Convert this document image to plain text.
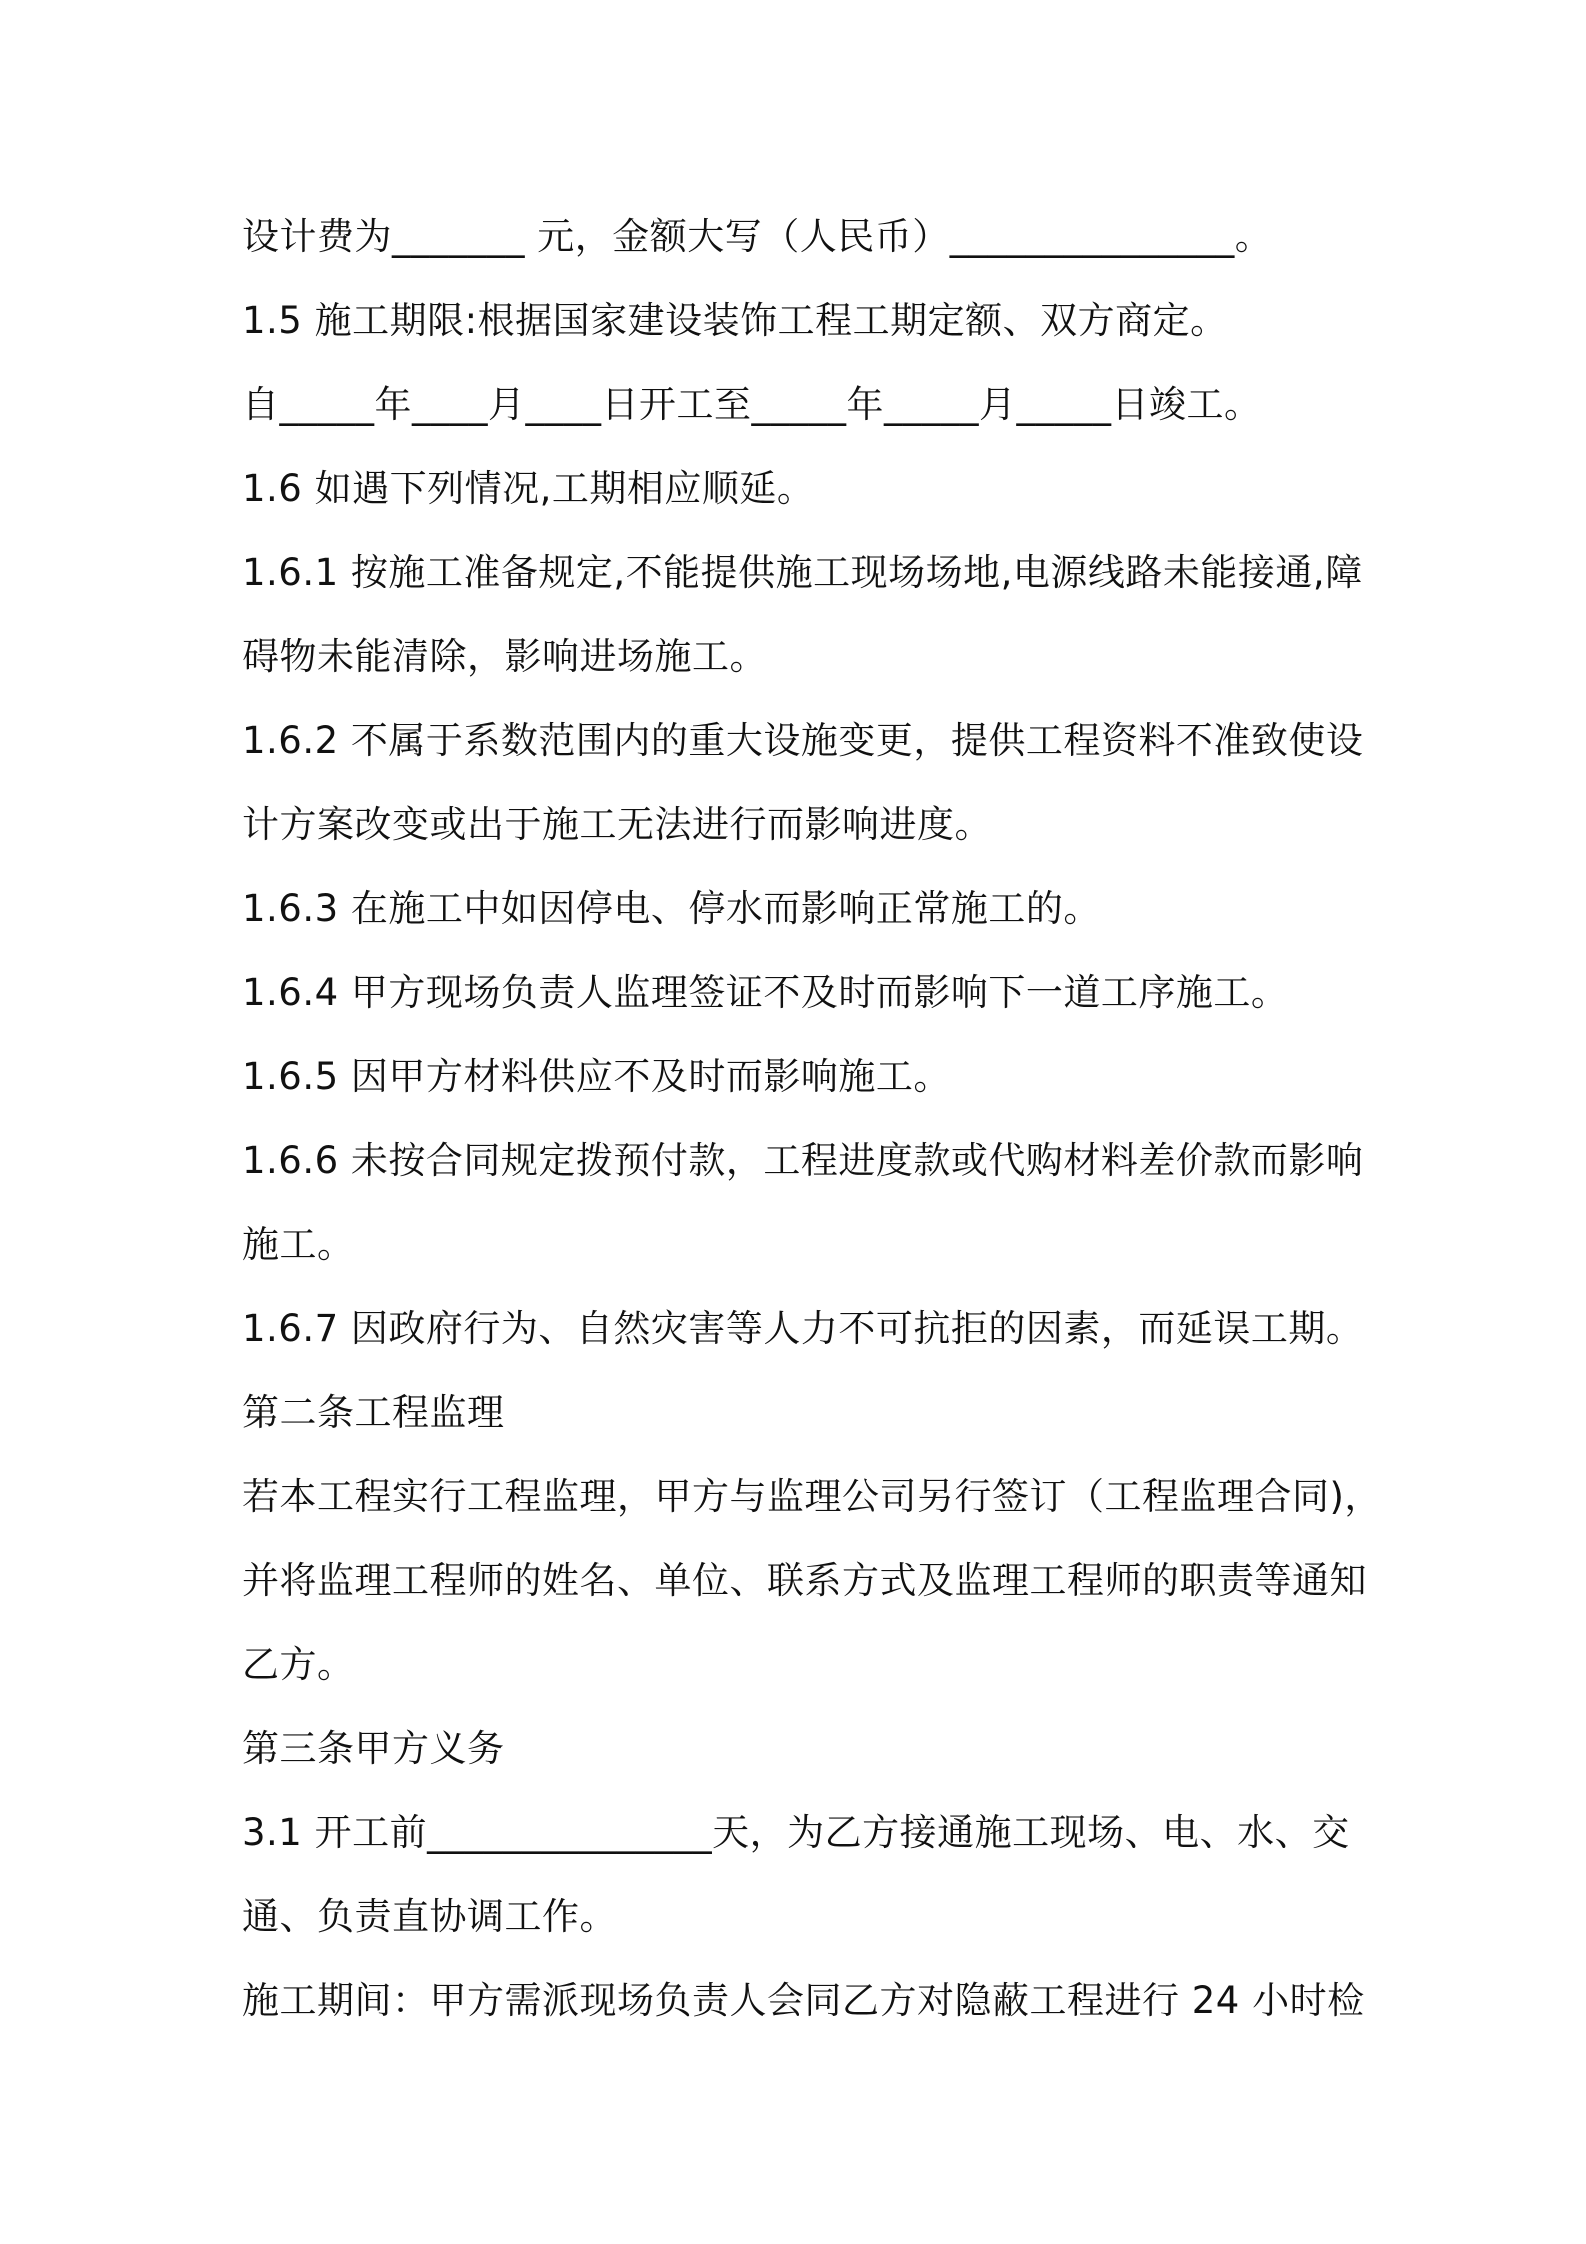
设计费为_______ 元，金额大写（人民币）_______________。
1.5 施工期限:根据国家建设装饰工程工期定额、双方商定。
自_____年____月____日开工至_____年_____月_____日竣工。
1.6 如遇下列情况,工期相应顺延。
1.6.1 按施工准备规定,不能提供施工现场场地,电源线路未能接通,障
碍物未能清除，影响进场施工。
1.6.2 不属于系数范围内的重大设施变更，提供工程资料不准致使设
计方案改变或出于施工无法进行而影响进度。
1.6.3 在施工中如因停电、停水而影响正常施工的。
1.6.4 甲方现场负责人监理签证不及时而影响下一道工序施工。
1.6.5 因甲方材料供应不及时而影响施工。
1.6.6 未按合同规定拨预付款，工程进度款或代购材料差价款而影响
施工。
1.6.7 因政府行为、自然灾害等人力不可抗拒的因素，而延误工期。
第二条工程监理
若本工程实行工程监理，甲方与监理公司另行签订（工程监理合同)，
并将监理工程师的姓名、单位、联系方式及监理工程师的职责等通知
乙方。
第三条甲方义务
3.1 开工前_______________天，为乙方接通施工现场、电、水、交
通、负责直协调工作。
施工期间：甲方需派现场负责人会同乙方对隐蔽工程进行 24 小时检
